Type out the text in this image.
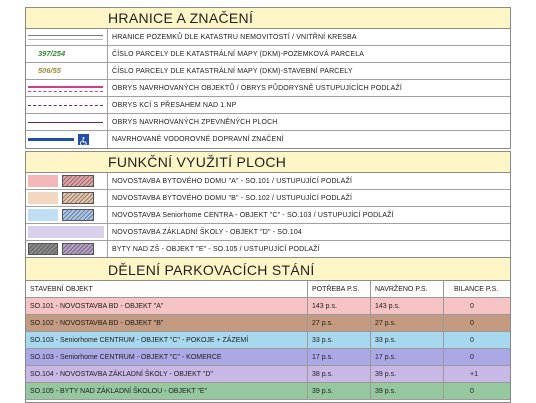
HRANICE A ZNAČENÍ
HRANICE POZEMKŮ DLE KATASTRU NEMOVITOSTÍ / VNITŘNÍ KRESBA
397/254	ČÍSLO PARCELY DLE KATASTRÁLNÍ MAPY (DKM)-POZEMKOVÁ PARCELA
506/55	ČÍSLO PARCELY DLE KATASTRÁLNÍ MAPY (DKM)-STAVEBNÍ PARCELY
OBRYS NAVRHOVANÝCH OBJEKTŮ / OBRYS PŮDORYSNĚ USTUPUJÍCÍCH PODLAŽÍ
OBRYS KCÍ S PŘESAHEM NAD 1.NP
OBRYS NAVRHOVANÝCH ZPEVNĚNÝCH PLOCH
NAVRHOVANÉ VODOROVNÉ DOPRAVNÍ ZNAČENÍ
FUNKČNÍ VYUŽITÍ PLOCH
NOVOSTAVBA BYTOVÉHO DOMU "A" - SO.101 / USTUPUJÍCÍ PODLAŽÍ
NOVOSTAVBA BYTOVÉHO DOMU "B" - SO.102 / USTUPUJÍCÍ PODLAŽÍ
NOVOSTAVBA Seniorhome CENTRA - OBJEKT "C" - SO.103 / USTUPUJÍCÍ PODLAŽÍ
NOVOSTAVBA ZÁKLADNÍ ŠKOLY - OBJEKT "D" - SO.104
BYTY NAD ZŠ - OBJEKT "E" - SO.105 / USTUPUJÍCÍ PODLAŽÍ
DĚLENÍ PARKOVACÍCH STÁNÍ
STAVEBNÍ OBJEKT	POTŘEBA P.S.	NAVRŽENO P.S.	BILANCE P.S.
SO.101 - NOVOSTAVBA BD - OBJEKT "A"	143 p.s.	143 p.s.	0
SO.102 - NOVOSTAVBA BD - OBJEKT "B"	27 p.s.	27 p.s.	0
SO.103 - Seniorhome CENTRUM - OBJEKT "C" - POKOJE + ZÁZEMÍ	33 p.s.	33 p.s.	0
SO.103 - Seniorhome CENTRUM - OBJEKT "C" - KOMERCE	17 p.s.	17 p.s.	0
SO.104 - NOVOSTAVBA ZÁKLADNÍ ŠKOLY - OBJEKT "D"	38 p.s.	39 p.s.	+1
SO.105 - BYTY NAD ZÁKLADNÍ ŠKOLOU - OBJEKT "E"	39 p.s.	39 p.s.	0
